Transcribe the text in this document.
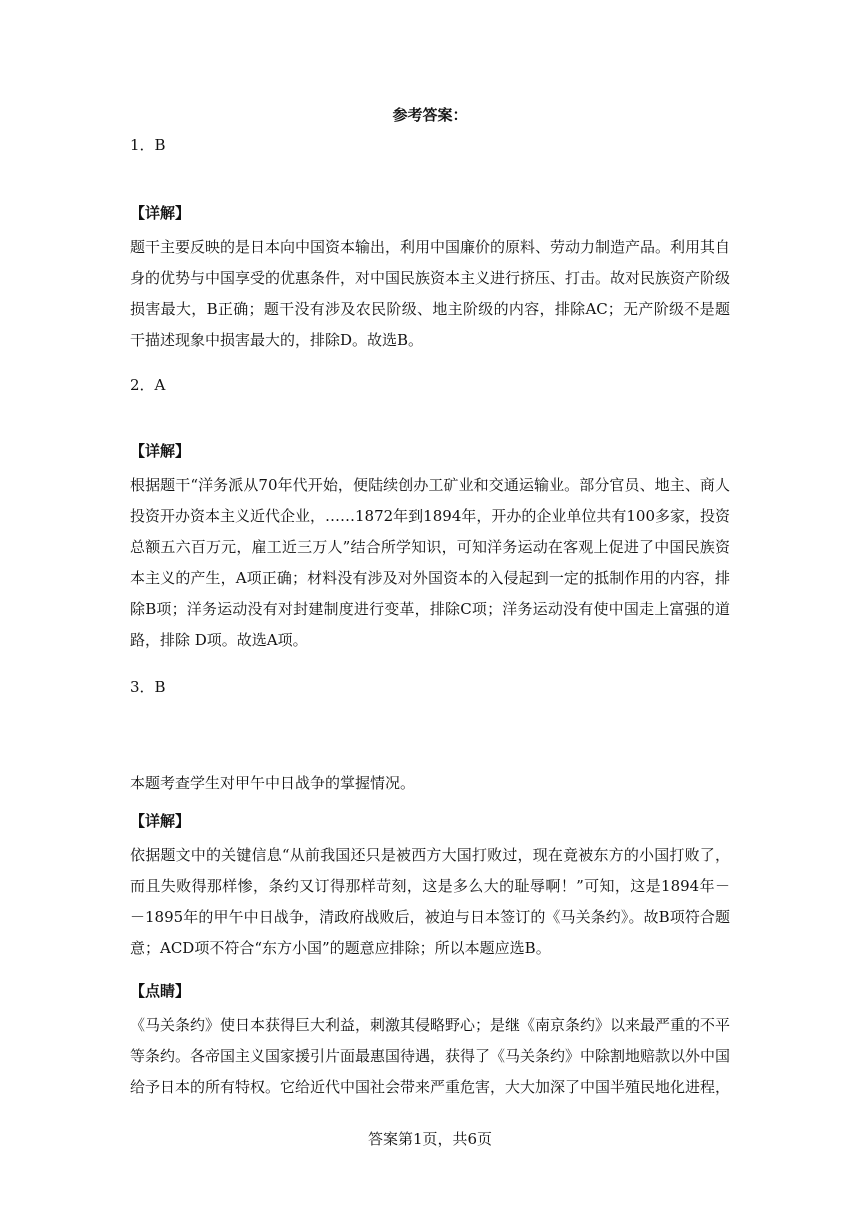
参考答案：
1．B
【详解】
题干主要反映的是日本向中国资本输出，利用中国廉价的原料、劳动力制造产品。利用其自身的优势与中国享受的优惠条件，对中国民族资本主义进行挤压、打击。故对民族资产阶级损害最大，B正确；题干没有涉及农民阶级、地主阶级的内容，排除AC；无产阶级不是题干描述现象中损害最大的，排除D。故选B。
2．A
【详解】
根据题干“洋务派从70年代开始，便陆续创办工矿业和交通运输业。部分官员、地主、商人投资开办资本主义近代企业，……1872年到1894年，开办的企业单位共有100多家，投资总额五六百万元，雇工近三万人”结合所学知识，可知洋务运动在客观上促进了中国民族资本主义的产生，A项正确；材料没有涉及对外国资本的入侵起到一定的抵制作用的内容，排除B项；洋务运动没有对封建制度进行变革，排除C项；洋务运动没有使中国走上富强的道路，排除 D项。故选A项。
3．B
本题考查学生对甲午中日战争的掌握情况。
【详解】
依据题文中的关键信息“从前我国还只是被西方大国打败过，现在竟被东方的小国打败了，而且失败得那样惨，条约又订得那样苛刻，这是多么大的耻辱啊！”可知，这是1894年－－1895年的甲午中日战争，清政府战败后，被迫与日本签订的《马关条约》。故B项符合题意；ACD项不符合“东方小国”的题意应排除；所以本题应选B。
【点睛】
《马关条约》使日本获得巨大利益，刺激其侵略野心；是继《南京条约》以来最严重的不平等条约。各帝国主义国家援引片面最惠国待遇，获得了《马关条约》中除割地赔款以外中国给予日本的所有特权。它给近代中国社会带来严重危害，大大加深了中国半殖民地化进程，
答案第1页，共6页
